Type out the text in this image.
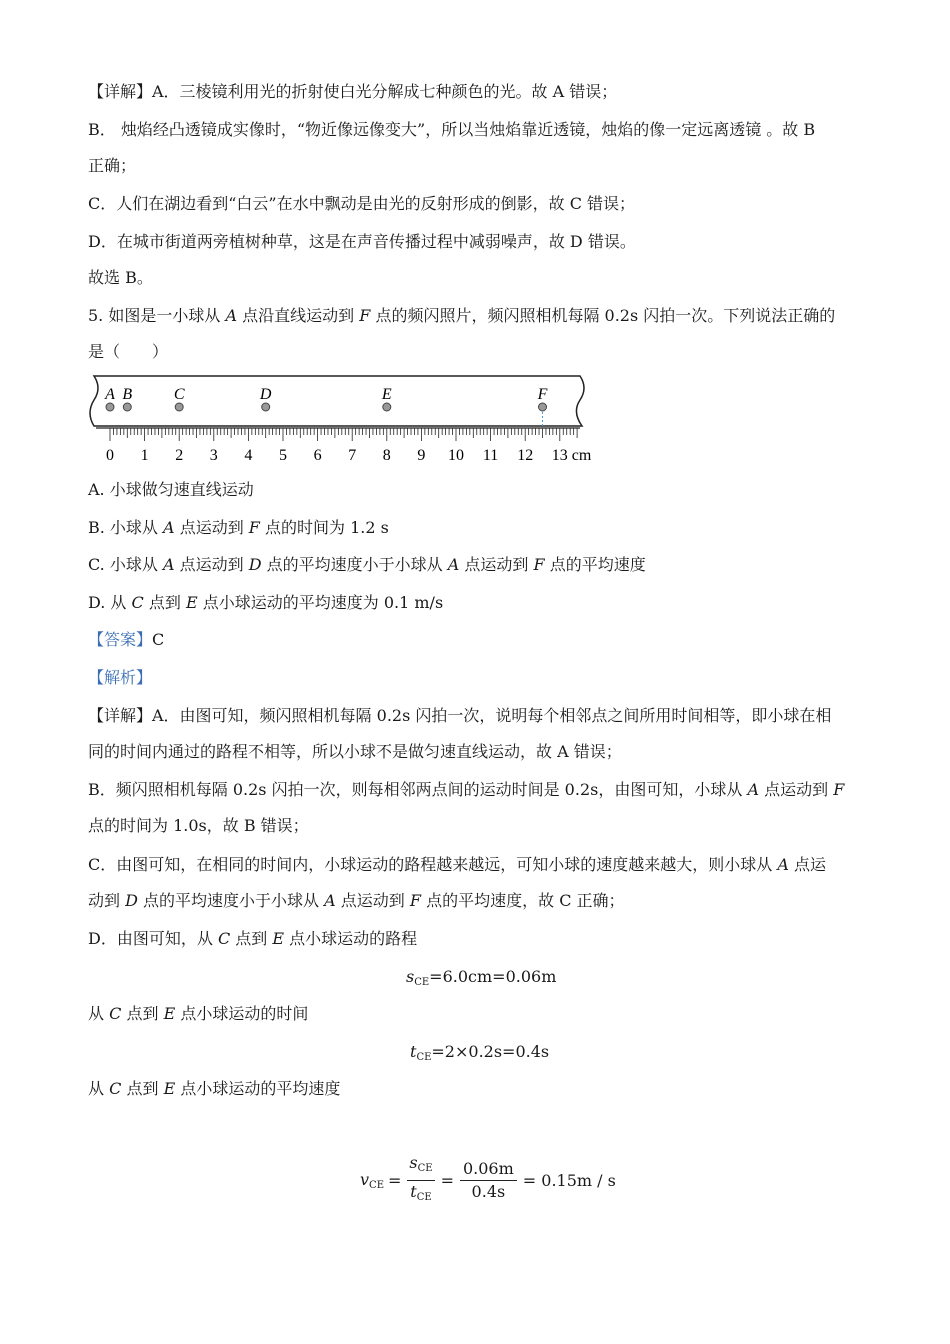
【详解】A．三棱镜利用光的折射使白光分解成七种颜色的光。故 A 错误；
B． 烛焰经凸透镜成实像时，“物近像远像变大”，所以当烛焰靠近透镜，烛焰的像一定远离透镜 。故 B
正确；
C．人们在湖边看到“白云”在水中飘动是由光的反射形成的倒影，故 C 错误；
D．在城市街道两旁植树种草，这是在声音传播过程中减弱噪声，故 D 错误。
故选 B。
5. 如图是一小球从 A 点沿直线运动到 F 点的频闪照片，频闪照相机每隔 0.2s 闪拍一次。下列说法正确的
是（　　）
A B	C	D	E	F
0 1 2 3 4 5 6 7 8 9 10 11 12 13 cm
A. 小球做匀速直线运动
B. 小球从 A 点运动到 F 点的时间为 1.2 s
C. 小球从 A 点运动到 D 点的平均速度小于小球从 A 点运动到 F 点的平均速度
D. 从 C 点到 E 点小球运动的平均速度为 0.1 m/s
【答案】C
【解析】
【详解】A．由图可知，频闪照相机每隔 0.2s 闪拍一次，说明每个相邻点之间所用时间相等，即小球在相
同的时间内通过的路程不相等，所以小球不是做匀速直线运动，故 A 错误；
B．频闪照相机每隔 0.2s 闪拍一次，则每相邻两点间的运动时间是 0.2s，由图可知，小球从 A 点运动到 F
点的时间为 1.0s，故 B 错误；
C．由图可知，在相同的时间内，小球运动的路程越来越远，可知小球的速度越来越大，则小球从 A 点运
动到 D 点的平均速度小于小球从 A 点运动到 F 点的平均速度，故 C 正确；
D．由图可知，从 C 点到 E 点小球运动的路程
$s_{CE}=6.0cm=0.06m$
从 C 点到 E 点小球运动的时间
$t_{CE}=2\times 0.2s=0.4s$
从 C 点到 E 点小球运动的平均速度
$v_{CE}$ =
$s_{CE}$
$t_{CE}$
= $\frac{0.06m}{0.4s} = 0.15m / s$
